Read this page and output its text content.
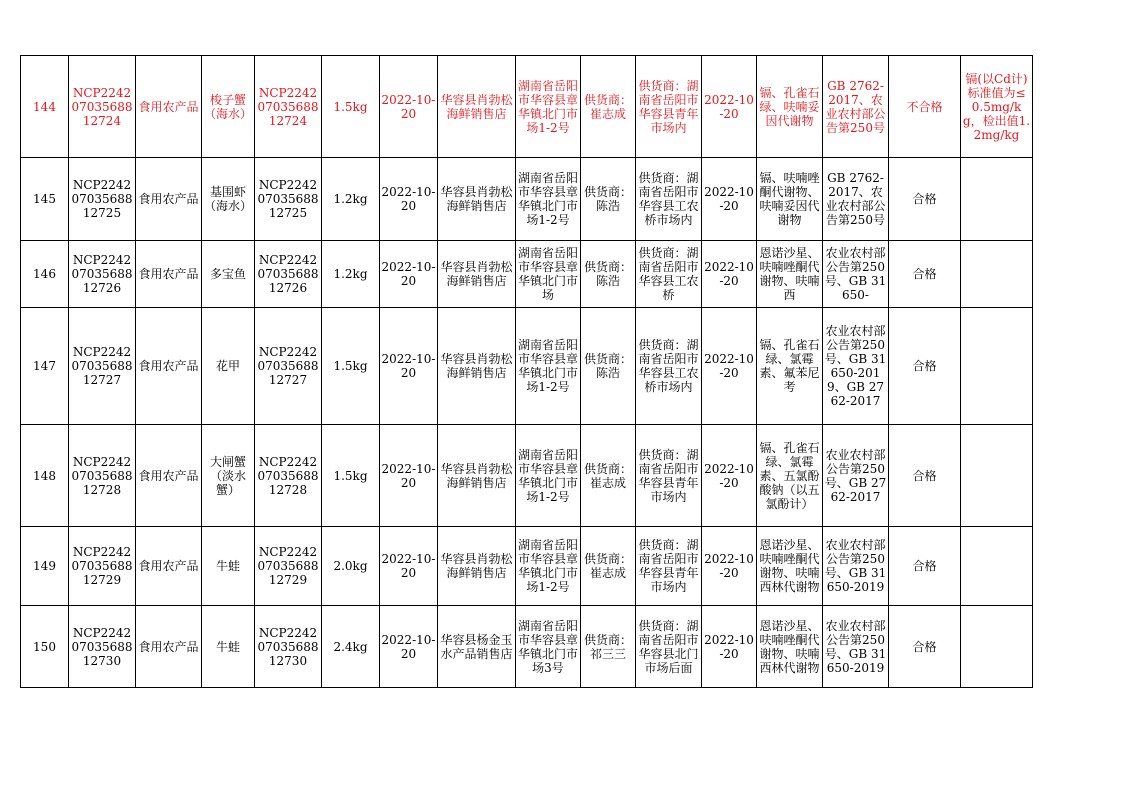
144	NCP22420703568812724	食用农产品	梭子蟹（海水）	NCP22420703568812724	1.5kg	2022-10-20	华容县肖勃松海鲜销售店	湖南省岳阳市华容县章华镇北门市场1-2号	供货商：崔志成	供货商：湖南省岳阳市华容县青年市场内	2022-10-20	镉、孔雀石绿、呋喃妥因代谢物	GB 2762-2017、农业农村部公告第250号	不合格	镉(以Cd计)标准值为≤0.5mg/kg，检出值1.2mg/kg

145	NCP22420703568812725	食用农产品	基围虾（海水）	NCP22420703568812725	1.2kg	2022-10-20	华容县肖勃松海鲜销售店	湖南省岳阳市华容县章华镇北门市场1-2号	供货商：陈浩	供货商：湖南省岳阳市华容县工农桥市场内	2022-10-20	镉、呋喃唑酮代谢物、呋喃妥因代谢物	GB 2762-2017、农业农村部公告第250号	合格	

146	NCP22420703568812726	食用农产品	多宝鱼	NCP22420703568812726	1.2kg	2022-10-20	华容县肖勃松海鲜销售店	湖南省岳阳市华容县章华镇北门市场	供货商：陈浩	供货商：湖南省岳阳市华容县工农桥	2022-10-20	恩诺沙星、呋喃唑酮代谢物、呋喃西	农业农村部公告第250号、GB 31650-	合格	

147	NCP22420703568812727	食用农产品	花甲	NCP22420703568812727	1.5kg	2022-10-20	华容县肖勃松海鲜销售店	湖南省岳阳市华容县章华镇北门市场1-2号	供货商：陈浩	供货商：湖南省岳阳市华容县工农桥市场内	2022-10-20	镉、孔雀石绿、氯霉素、氟苯尼考	农业农村部公告第250号、GB 31650-2019、GB 2762-2017	合格	

148	NCP22420703568812728	食用农产品	大闸蟹（淡水蟹）	NCP22420703568812728	1.5kg	2022-10-20	华容县肖勃松海鲜销售店	湖南省岳阳市华容县章华镇北门市场1-2号	供货商：崔志成	供货商：湖南省岳阳市华容县青年市场内	2022-10-20	镉、孔雀石绿、氯霉素、五氯酚酸钠（以五氯酚计）	农业农村部公告第250号、GB 2762-2017	合格	

149	NCP22420703568812729	食用农产品	牛蛙	NCP22420703568812729	2.0kg	2022-10-20	华容县肖勃松海鲜销售店	湖南省岳阳市华容县章华镇北门市场1-2号	供货商：崔志成	供货商：湖南省岳阳市华容县青年市场内	2022-10-20	恩诺沙星、呋喃唑酮代谢物、呋喃西林代谢物	农业农村部公告第250号、GB 31650-2019	合格	

150	NCP22420703568812730	食用农产品	牛蛙	NCP22420703568812730	2.4kg	2022-10-20	华容县杨金玉水产品销售店	湖南省岳阳市华容县章华镇北门市场3号	供货商：祁三三	供货商：湖南省岳阳市华容县北门市场后面	2022-10-20	恩诺沙星、呋喃唑酮代谢物、呋喃西林代谢物	农业农村部公告第250号、GB 31650-2019	合格	
